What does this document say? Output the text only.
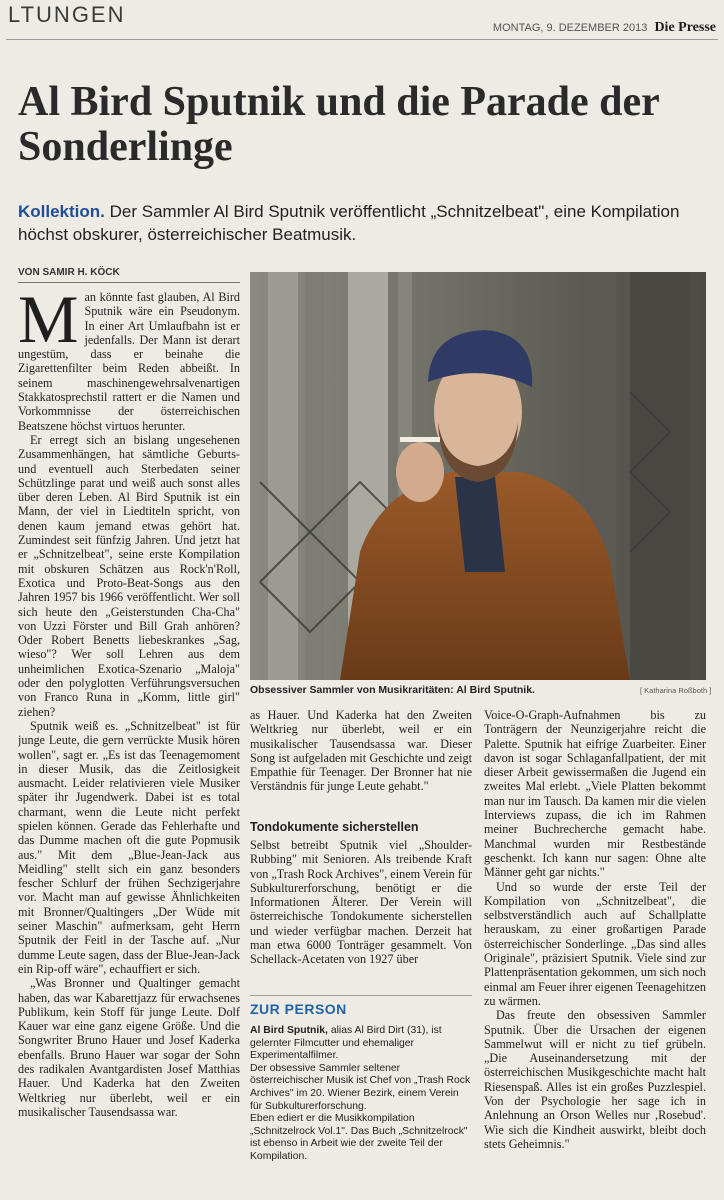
LTUNGEN
MONTAG, 9. DEZEMBER 2013 Die Presse
Al Bird Sputnik und die Parade der Sonderlinge

Kollektion. Der Sammler Al Bird Sputnik veröffentlicht „Schnitzelbeat", eine Kompilation höchst obskurer, österreichischer Beatmusik.

VON SAMIR H. KÖCK

Man könnte fast glauben, Al Bird Sputnik wäre ein Pseudonym. In einer Art Umlaufbahn ist er jedenfalls. Der Mann ist derart ungestüm, dass er beinahe die Zigarettenfilter beim Reden abbeißt. In seinem maschinengewehrsalvenartigen Stakkatosprechstil rattert er die Namen und Vorkommnisse der österreichischen Beatszene höchst virtuos herunter.

Er erregt sich an bislang ungesehenen Zusammenhängen, hat sämtliche Geburts- und eventuell auch Sterbedaten seiner Schützlinge parat und weiß auch sonst alles über deren Leben. Al Bird Sputnik ist ein Mann, der viel in Liedtiteln spricht, von denen kaum jemand etwas gehört hat. Zumindest seit fünfzig Jahren. Und jetzt hat er „Schnitzelbeat", seine erste Kompilation mit obskuren Schätzen aus Rock'n'Roll, Exotica und Proto-Beat-Songs aus den Jahren 1957 bis 1966 veröffentlicht. Wer soll sich heute den „Geisterstunden Cha-Cha" von Uzzi Förster und Bill Grah anhören? Oder Robert Benetts liebeskrankes „Sag, wieso"? Wer soll Lehren aus dem unheimlichen Exotica-Szenario „Maloja" oder den polyglotten Verführungsversuchen von Franco Runa in „Komm, little girl" ziehen?

Sputnik weiß es. „Schnitzelbeat" ist für junge Leute, die gern verrückte Musik hören wollen", sagt er. „Es ist das Teenagemoment in dieser Musik, das die Zeitlosigkeit ausmacht. Leider relativieren viele Musiker später ihr Jugendwerk. Dabei ist es total charmant, wenn die Leute nicht perfekt spielen können. Gerade das Fehlerhafte und das Dumme machen oft die gute Popmusik aus." Mit dem „Blue-Jean-Jack aus Meidling" stellt sich ein ganz besonders fescher Schlurf der frühen Sechzigerjahre vor. Macht man auf gewisse Ähnlichkeiten mit Bronner/Qualtingers „Der Wüde mit seiner Maschin" aufmerksam, geht Herrn Sputnik der Feitl in der Tasche auf. „Nur dumme Leute sagen, dass der Blue-Jean-Jack ein Rip-off wäre", echauffiert er sich.

„Was Bronner und Qualtinger gemacht haben, das war Kabarettjazz für erwachsenes Publikum, kein Stoff für junge Leute. Dolf Kauer war eine ganz eigene Größe. Und die Songwriter Bruno Hauer und Josef Kaderka ebenfalls. Bruno Hauer war sogar der Sohn des radikalen Avantgardisten Josef Matthias Hauer. Und Kaderka hat den Zweiten Weltkrieg nur überlebt, weil er ein musikalischer Tausendsassa war.

Obsessiver Sammler von Musikraritäten: Al Bird Sputnik.	[ Katharina Roßboth ]

as Hauer. Und Kaderka hat den Zweiten Weltkrieg nur überlebt, weil er ein musikalischer Tausendsassa war. Dieser Song ist aufgeladen mit Geschichte und zeigt Empathie für Teenager. Der Bronner hat nie Verständnis für junge Leute gehabt."

Tondokumente sicherstellen

Selbst betreibt Sputnik viel „Shoulder-Rubbing" mit Senioren. Als treibende Kraft von „Trash Rock Archives", einem Verein für Subkulturerforschung, benötigt er die Informationen Älterer. Der Verein will österreichische Tondokumente sicherstellen und wieder verfügbar machen. Derzeit hat man etwa 6000 Tonträger gesammelt. Von Schellack-Acetaten von 1927 über

ZUR PERSON

Al Bird Sputnik, alias Al Bird Dirt (31), ist gelernter Filmcutter und ehemaliger Experimentalfilmer.

Der obsessive Sammler seltener österreichischer Musik ist Chef von „Trash Rock Archives" im 20. Wiener Bezirk, einem Verein für Subkulturerforschung.

Eben ediert er die Musikkompilation „Schnitzelrock Vol.1". Das Buch „Schnitzelrock" ist ebenso in Arbeit wie der zweite Teil der Kompilation.

Voice-O-Graph-Aufnahmen bis zu Tonträgern der Neunzigerjahre reicht die Palette. Sputnik hat eifrige Zuarbeiter. Einer davon ist sogar Schlaganfallpatient, der mit dieser Arbeit gewissermaßen die Jugend ein zweites Mal erlebt. „Viele Platten bekommt man nur im Tausch. Da kamen mir die vielen Interviews zupass, die ich im Rahmen meiner Buchrecherche gemacht habe. Manchmal wurden mir Restbestände geschenkt. Ich kann nur sagen: Ohne alte Männer geht gar nichts."

Und so wurde der erste Teil der Kompilation von „Schnitzelbeat", die selbstverständlich auch auf Schallplatte herauskam, zu einer großartigen Parade österreichischer Sonderlinge. „Das sind alles Originale", präzisiert Sputnik. Viele sind zur Plattenpräsentation gekommen, um sich noch einmal am Feuer ihrer eigenen Teenagehitzen zu wärmen.

Das freute den obsessiven Sammler Sputnik. Über die Ursachen der eigenen Sammelwut will er nicht zu tief grübeln. „Die Auseinandersetzung mit der österreichischen Musikgeschichte macht halt Riesenspaß. Alles ist ein großes Puzzlespiel. Von der Psychologie her sage ich in Anlehnung an Orson Welles nur ,Rosebud'. Wie sich die Kindheit auswirkt, bleibt doch stets Geheimnis."
